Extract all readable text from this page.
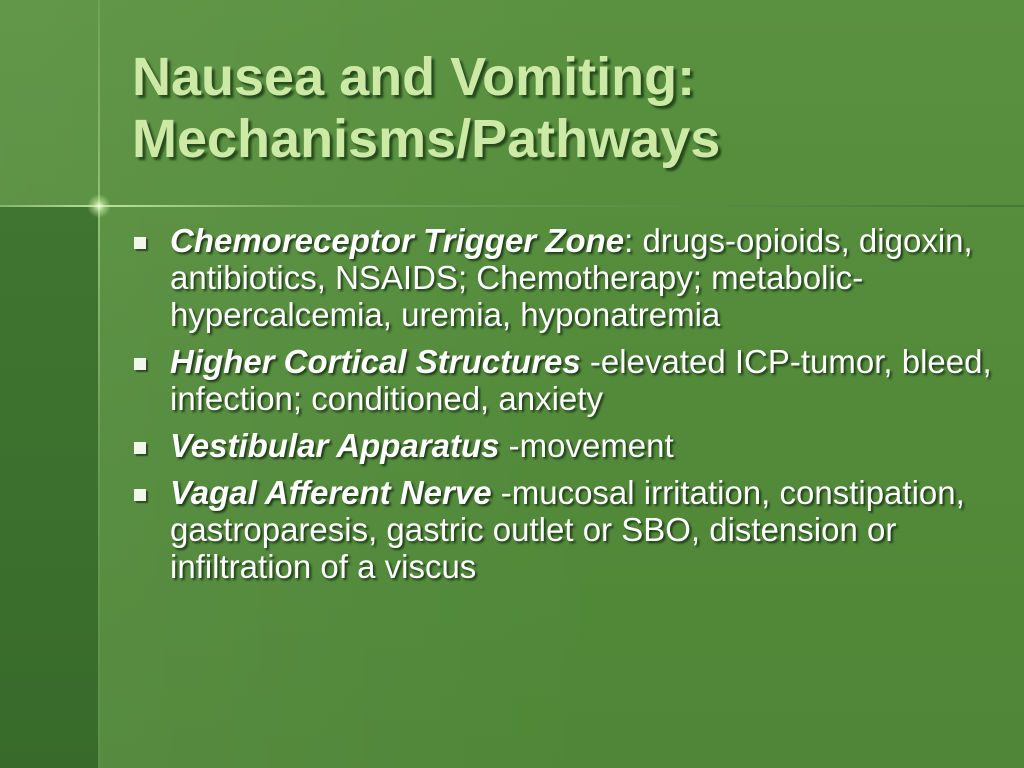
Nausea and Vomiting:
Mechanisms/Pathways
Chemoreceptor Trigger Zone: drugs-opioids, digoxin, antibiotics, NSAIDS; Chemotherapy; metabolic-hypercalcemia, uremia, hyponatremia
Higher Cortical Structures -elevated ICP-tumor, bleed, infection; conditioned, anxiety
Vestibular Apparatus -movement
Vagal Afferent Nerve -mucosal irritation, constipation, gastroparesis, gastric outlet or SBO, distension or infiltration of a viscus
